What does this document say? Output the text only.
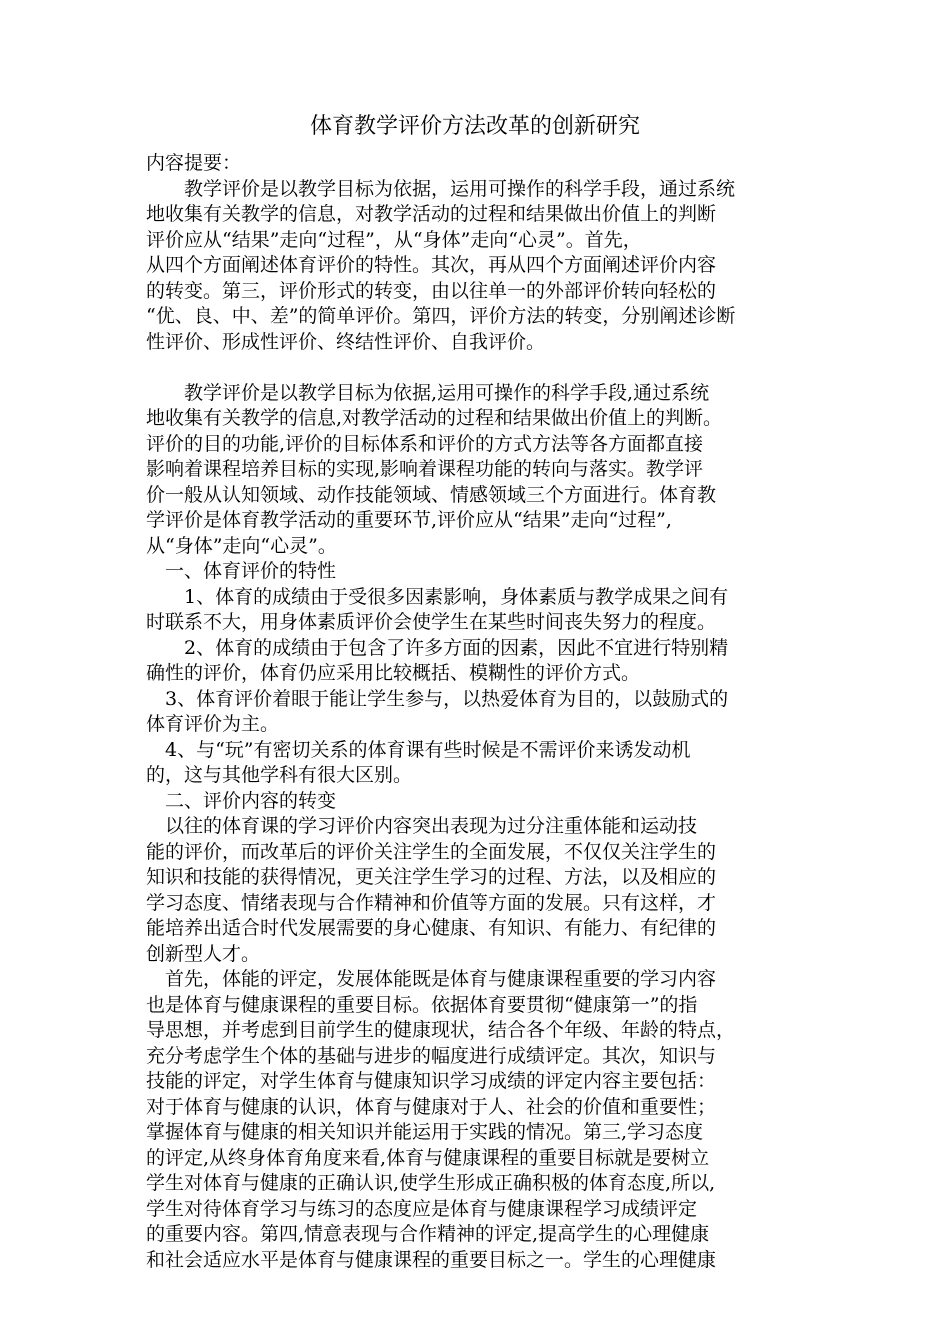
体育教学评价方法改革的创新研究
内容提要：
　　教学评价是以教学目标为依据，运用可操作的科学手段，通过系统
地收集有关教学的信息，对教学活动的过程和结果做出价值上的判断
评价应从“结果”走向“过程”，从“身体”走向“心灵”。首先，
从四个方面阐述体育评价的特性。其次，再从四个方面阐述评价内容
的转变。第三，评价形式的转变，由以往单一的外部评价转向轻松的
“优、良、中、差”的简单评价。第四，评价方法的转变，分别阐述诊断
性评价、形成性评价、终结性评价、自我评价。
　　教学评价是以教学目标为依据,运用可操作的科学手段,通过系统
地收集有关教学的信息,对教学活动的过程和结果做出价值上的判断。
评价的目的功能,评价的目标体系和评价的方式方法等各方面都直接
影响着课程培养目标的实现,影响着课程功能的转向与落实。教学评
价一般从认知领域、动作技能领域、情感领域三个方面进行。体育教
学评价是体育教学活动的重要环节,评价应从“结果”走向“过程”,
从“身体”走向“心灵”。
　一、体育评价的特性
　　1、体育的成绩由于受很多因素影响，身体素质与教学成果之间有
时联系不大，用身体素质评价会使学生在某些时间丧失努力的程度。
　　2、体育的成绩由于包含了许多方面的因素，因此不宜进行特别精
确性的评价，体育仍应采用比较概括、模糊性的评价方式。
　3、体育评价着眼于能让学生参与，以热爱体育为目的，以鼓励式的
体育评价为主。
　4、与“玩”有密切关系的体育课有些时候是不需评价来诱发动机
的，这与其他学科有很大区别。
　二、评价内容的转变
　以往的体育课的学习评价内容突出表现为过分注重体能和运动技
能的评价，而改革后的评价关注学生的全面发展，不仅仅关注学生的
知识和技能的获得情况，更关注学生学习的过程、方法，以及相应的
学习态度、情绪表现与合作精神和价值等方面的发展。只有这样，才
能培养出适合时代发展需要的身心健康、有知识、有能力、有纪律的
创新型人才。
　首先，体能的评定，发展体能既是体育与健康课程重要的学习内容
也是体育与健康课程的重要目标。依据体育要贯彻“健康第一”的指
导思想，并考虑到目前学生的健康现状，结合各个年级、年龄的特点，
充分考虑学生个体的基础与进步的幅度进行成绩评定。其次，知识与
技能的评定，对学生体育与健康知识学习成绩的评定内容主要包括：
对于体育与健康的认识，体育与健康对于人、社会的价值和重要性；
掌握体育与健康的相关知识并能运用于实践的情况。第三,学习态度
的评定,从终身体育角度来看,体育与健康课程的重要目标就是要树立
学生对体育与健康的正确认识,使学生形成正确积极的体育态度,所以,
学生对待体育学习与练习的态度应是体育与健康课程学习成绩评定
的重要内容。第四,情意表现与合作精神的评定,提高学生的心理健康
和社会适应水平是体育与健康课程的重要目标之一。学生的心理健康
